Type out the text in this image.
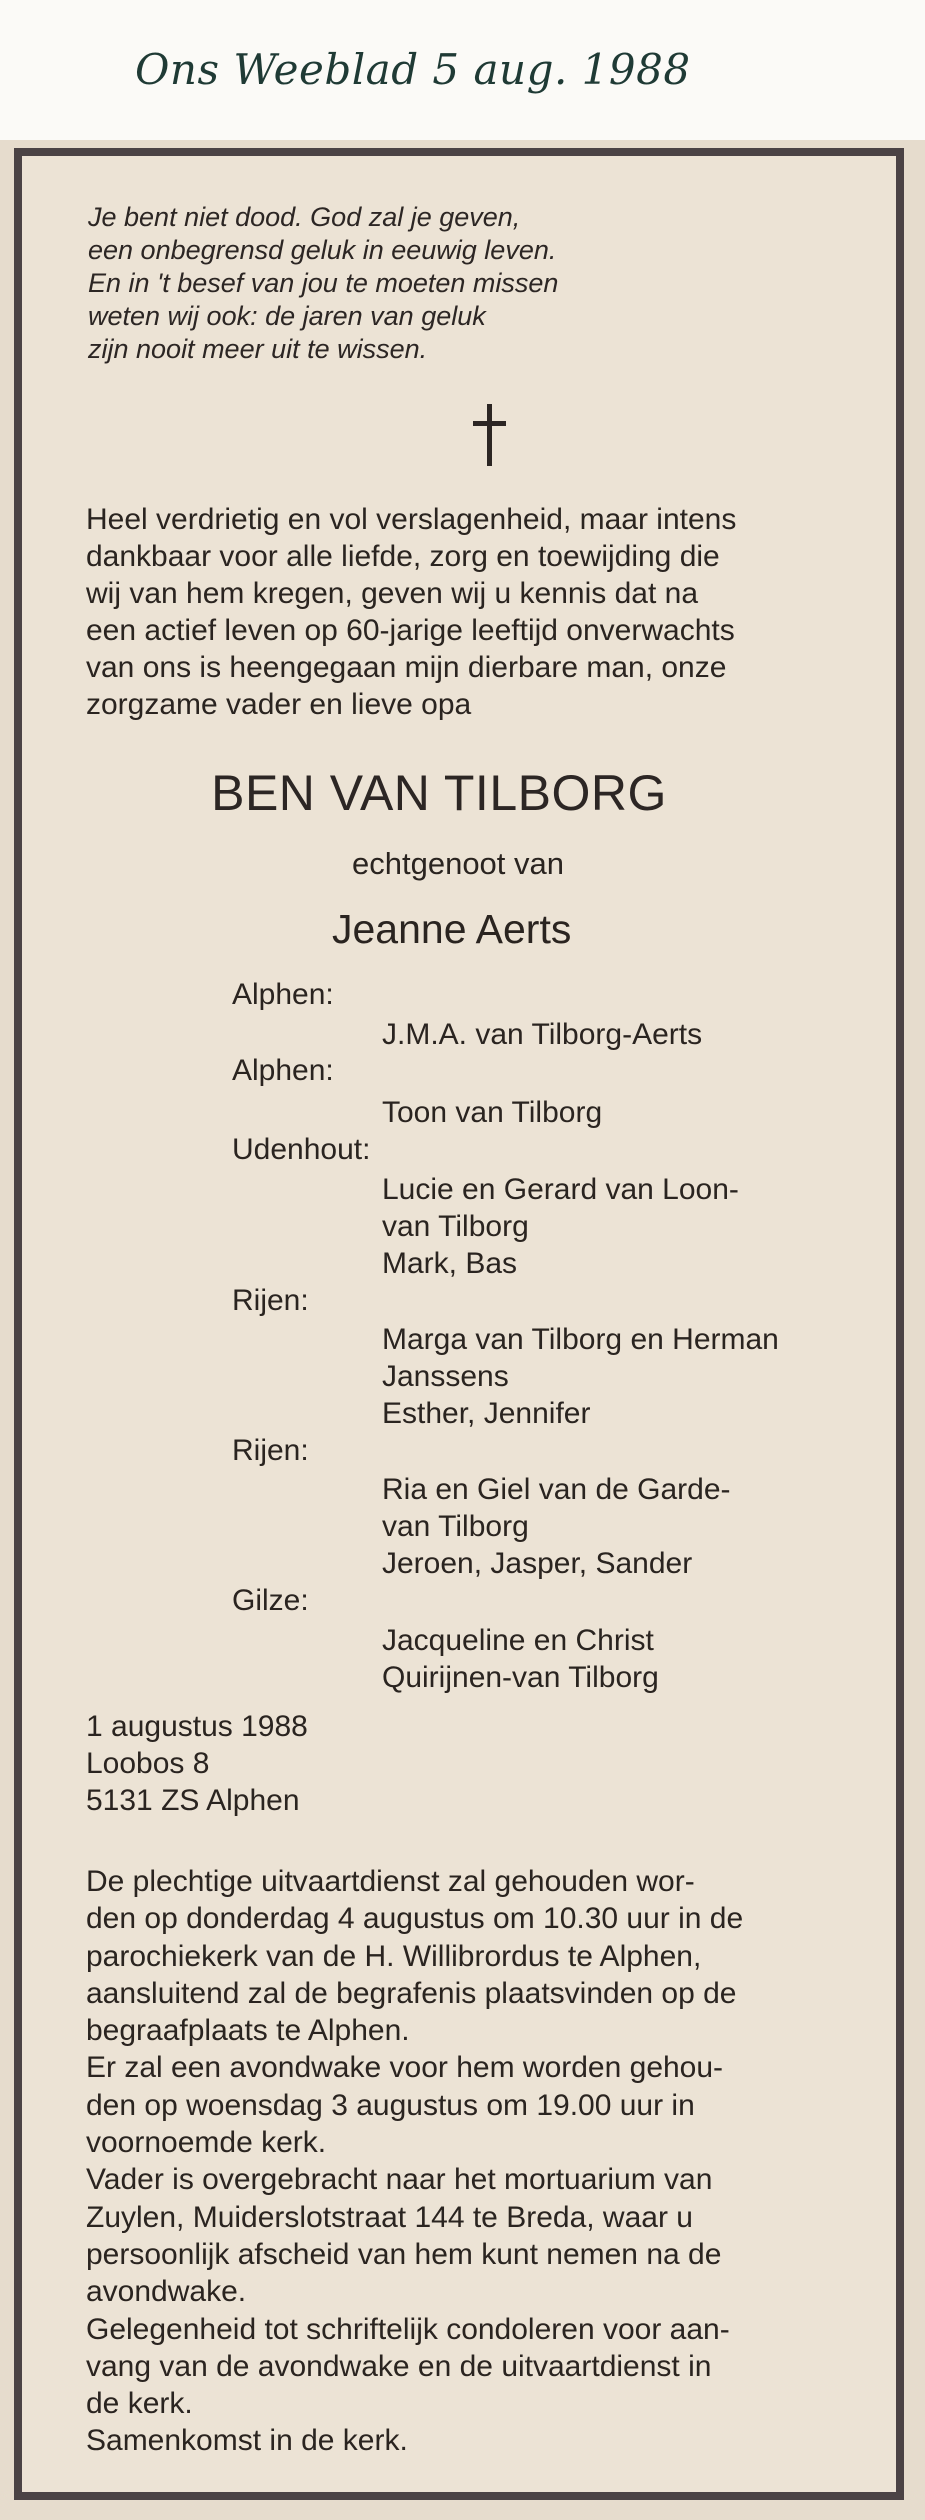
Ons Weeblad 5 aug. 1988
Je bent niet dood. God zal je geven,
een onbegrensd geluk in eeuwig leven.
En in 't besef van jou te moeten missen
weten wij ook: de jaren van geluk
zijn nooit meer uit te wissen.
Heel verdrietig en vol verslagenheid, maar intens
dankbaar voor alle liefde, zorg en toewijding die
wij van hem kregen, geven wij u kennis dat na
een actief leven op 60-jarige leeftijd onverwachts
van ons is heengegaan mijn dierbare man, onze
zorgzame vader en lieve opa
BEN VAN TILBORG
echtgenoot van
Jeanne Aerts
Alphen:
J.M.A. van Tilborg-Aerts
Alphen:
Toon van Tilborg
Udenhout:
Lucie en Gerard van Loon-
van Tilborg
Mark, Bas
Rijen:
Marga van Tilborg en Herman
Janssens
Esther, Jennifer
Rijen:
Ria en Giel van de Garde-
van Tilborg
Jeroen, Jasper, Sander
Gilze:
Jacqueline en Christ
Quirijnen-van Tilborg
1 augustus 1988
Loobos 8
5131 ZS Alphen
De plechtige uitvaartdienst zal gehouden wor-
den op donderdag 4 augustus om 10.30 uur in de
parochiekerk van de H. Willibrordus te Alphen,
aansluitend zal de begrafenis plaatsvinden op de
begraafplaats te Alphen.
Er zal een avondwake voor hem worden gehou-
den op woensdag 3 augustus om 19.00 uur in
voornoemde kerk.
Vader is overgebracht naar het mortuarium van
Zuylen, Muiderslotstraat 144 te Breda, waar u
persoonlijk afscheid van hem kunt nemen na de
avondwake.
Gelegenheid tot schriftelijk condoleren voor aan-
vang van de avondwake en de uitvaartdienst in
de kerk.
Samenkomst in de kerk.
